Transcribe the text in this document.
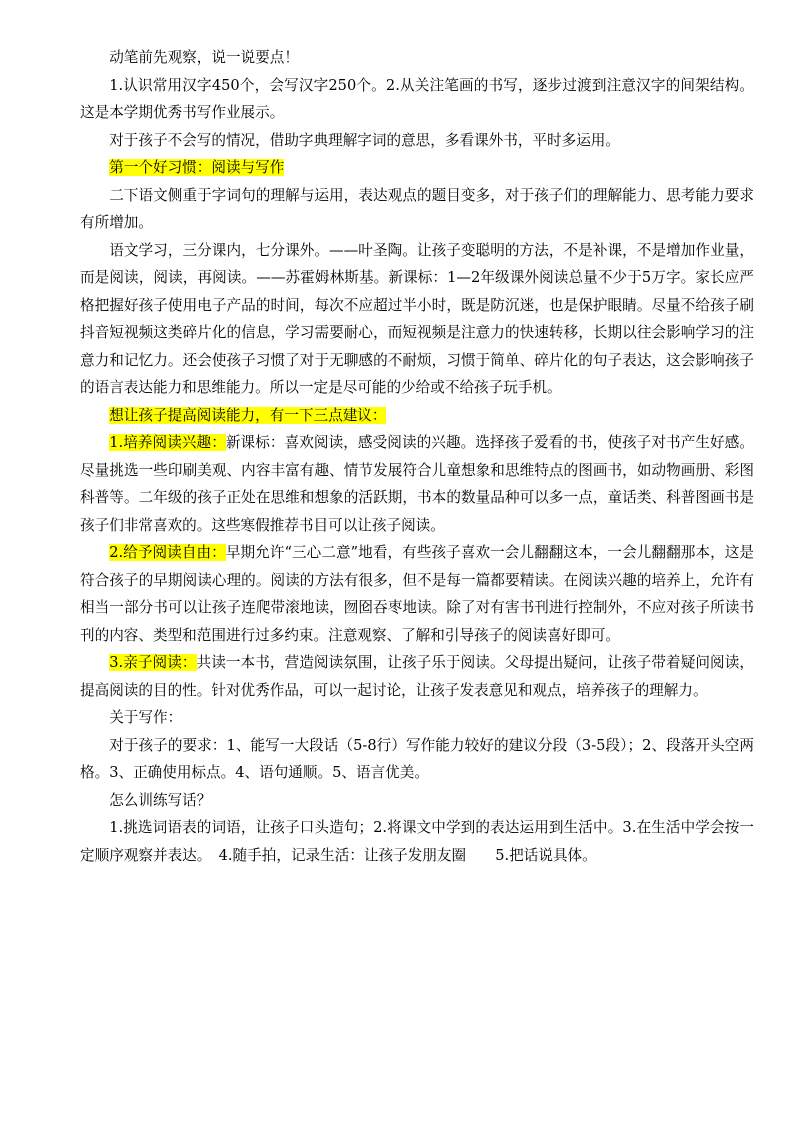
动笔前先观察，说一说要点！

1.认识常用汉字450个，会写汉字250个。2.从关注笔画的书写，逐步过渡到注意汉字的间架结构。这是本学期优秀书写作业展示。

对于孩子不会写的情况，借助字典理解字词的意思，多看课外书，平时多运用。

第一个好习惯：阅读与写作

二下语文侧重于字词句的理解与运用，表达观点的题目变多，对于孩子们的理解能力、思考能力要求有所增加。

语文学习，三分课内，七分课外。——叶圣陶。让孩子变聪明的方法，不是补课，不是增加作业量，而是阅读，阅读，再阅读。——苏霍姆林斯基。新课标：1—2年级课外阅读总量不少于5万字。家长应严格把握好孩子使用电子产品的时间，每次不应超过半小时，既是防沉迷，也是保护眼睛。尽量不给孩子刷抖音短视频这类碎片化的信息，学习需要耐心，而短视频是注意力的快速转移，长期以往会影响学习的注意力和记忆力。还会使孩子习惯了对于无聊感的不耐烦，习惯于简单、碎片化的句子表达，这会影响孩子的语言表达能力和思维能力。所以一定是尽可能的少给或不给孩子玩手机。

想让孩子提高阅读能力，有一下三点建议：

1.培养阅读兴趣：新课标：喜欢阅读，感受阅读的兴趣。选择孩子爱看的书，使孩子对书产生好感。尽量挑选一些印刷美观、内容丰富有趣、情节发展符合儿童想象和思维特点的图画书，如动物画册、彩图科普等。二年级的孩子正处在思维和想象的活跃期，书本的数量品种可以多一点，童话类、科普图画书是孩子们非常喜欢的。这些寒假推荐书目可以让孩子阅读。

2.给予阅读自由：早期允许“三心二意”地看，有些孩子喜欢一会儿翻翻这本，一会儿翻翻那本，这是符合孩子的早期阅读心理的。阅读的方法有很多，但不是每一篇都要精读。在阅读兴趣的培养上，允许有相当一部分书可以让孩子连爬带滚地读，囫囵吞枣地读。除了对有害书刊进行控制外，不应对孩子所读书刊的内容、类型和范围进行过多约束。注意观察、了解和引导孩子的阅读喜好即可。

3.亲子阅读：共读一本书，营造阅读氛围，让孩子乐于阅读。父母提出疑问，让孩子带着疑问阅读，提高阅读的目的性。针对优秀作品，可以一起讨论，让孩子发表意见和观点，培养孩子的理解力。

关于写作：

对于孩子的要求：1、能写一大段话（5-8行）写作能力较好的建议分段（3-5段）；2、段落开头空两格。3、正确使用标点。4、语句通顺。5、语言优美。

怎么训练写话？

1.挑选词语表的词语，让孩子口头造句；2.将课文中学到的表达运用到生活中。3.在生活中学会按一定顺序观察并表达。　4.随手拍，记录生活：让孩子发朋友圈　　5.把话说具体。
